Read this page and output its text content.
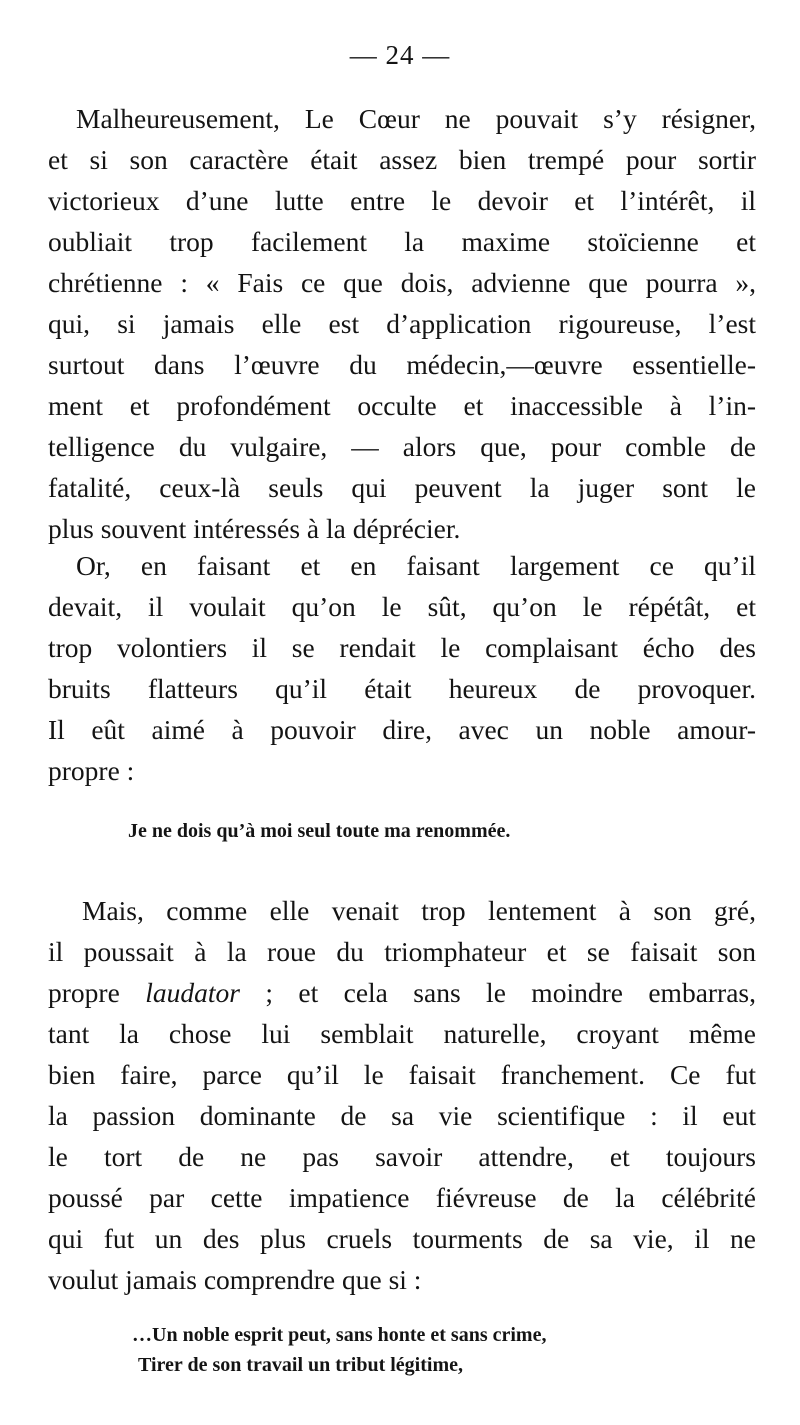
— 24 —
Malheureusement, Le Cœur ne pouvait s’y résigner,
et si son caractère était assez bien trempé pour sortir
victorieux d’une lutte entre le devoir et l’intérêt, il
oubliait trop facilement la maxime stoïcienne et
chrétienne : « Fais ce que dois, advienne que pourra »,
qui, si jamais elle est d’application rigoureuse, l’est
surtout dans l’œuvre du médecin,—œuvre essentielle-
ment et profondément occulte et inaccessible à l’in-
telligence du vulgaire, — alors que, pour comble de
fatalité, ceux-là seuls qui peuvent la juger sont le
plus souvent intéressés à la déprécier.
Or, en faisant et en faisant largement ce qu’il
devait, il voulait qu’on le sût, qu’on le répétât, et
trop volontiers il se rendait le complaisant écho des
bruits flatteurs qu’il était heureux de provoquer.
Il eût aimé à pouvoir dire, avec un noble amour-
propre :
Je ne dois qu’à moi seul toute ma renommée.
Mais, comme elle venait trop lentement à son gré,
il poussait à la roue du triomphateur et se faisait son
propre laudator ; et cela sans le moindre embarras,
tant la chose lui semblait naturelle, croyant même
bien faire, parce qu’il le faisait franchement. Ce fut
la passion dominante de sa vie scientifique : il eut
le tort de ne pas savoir attendre, et toujours
poussé par cette impatience fiévreuse de la célébrité
qui fut un des plus cruels tourments de sa vie, il ne
voulut jamais comprendre que si :
…Un noble esprit peut, sans honte et sans crime,
Tirer de son travail un tribut légitime,
